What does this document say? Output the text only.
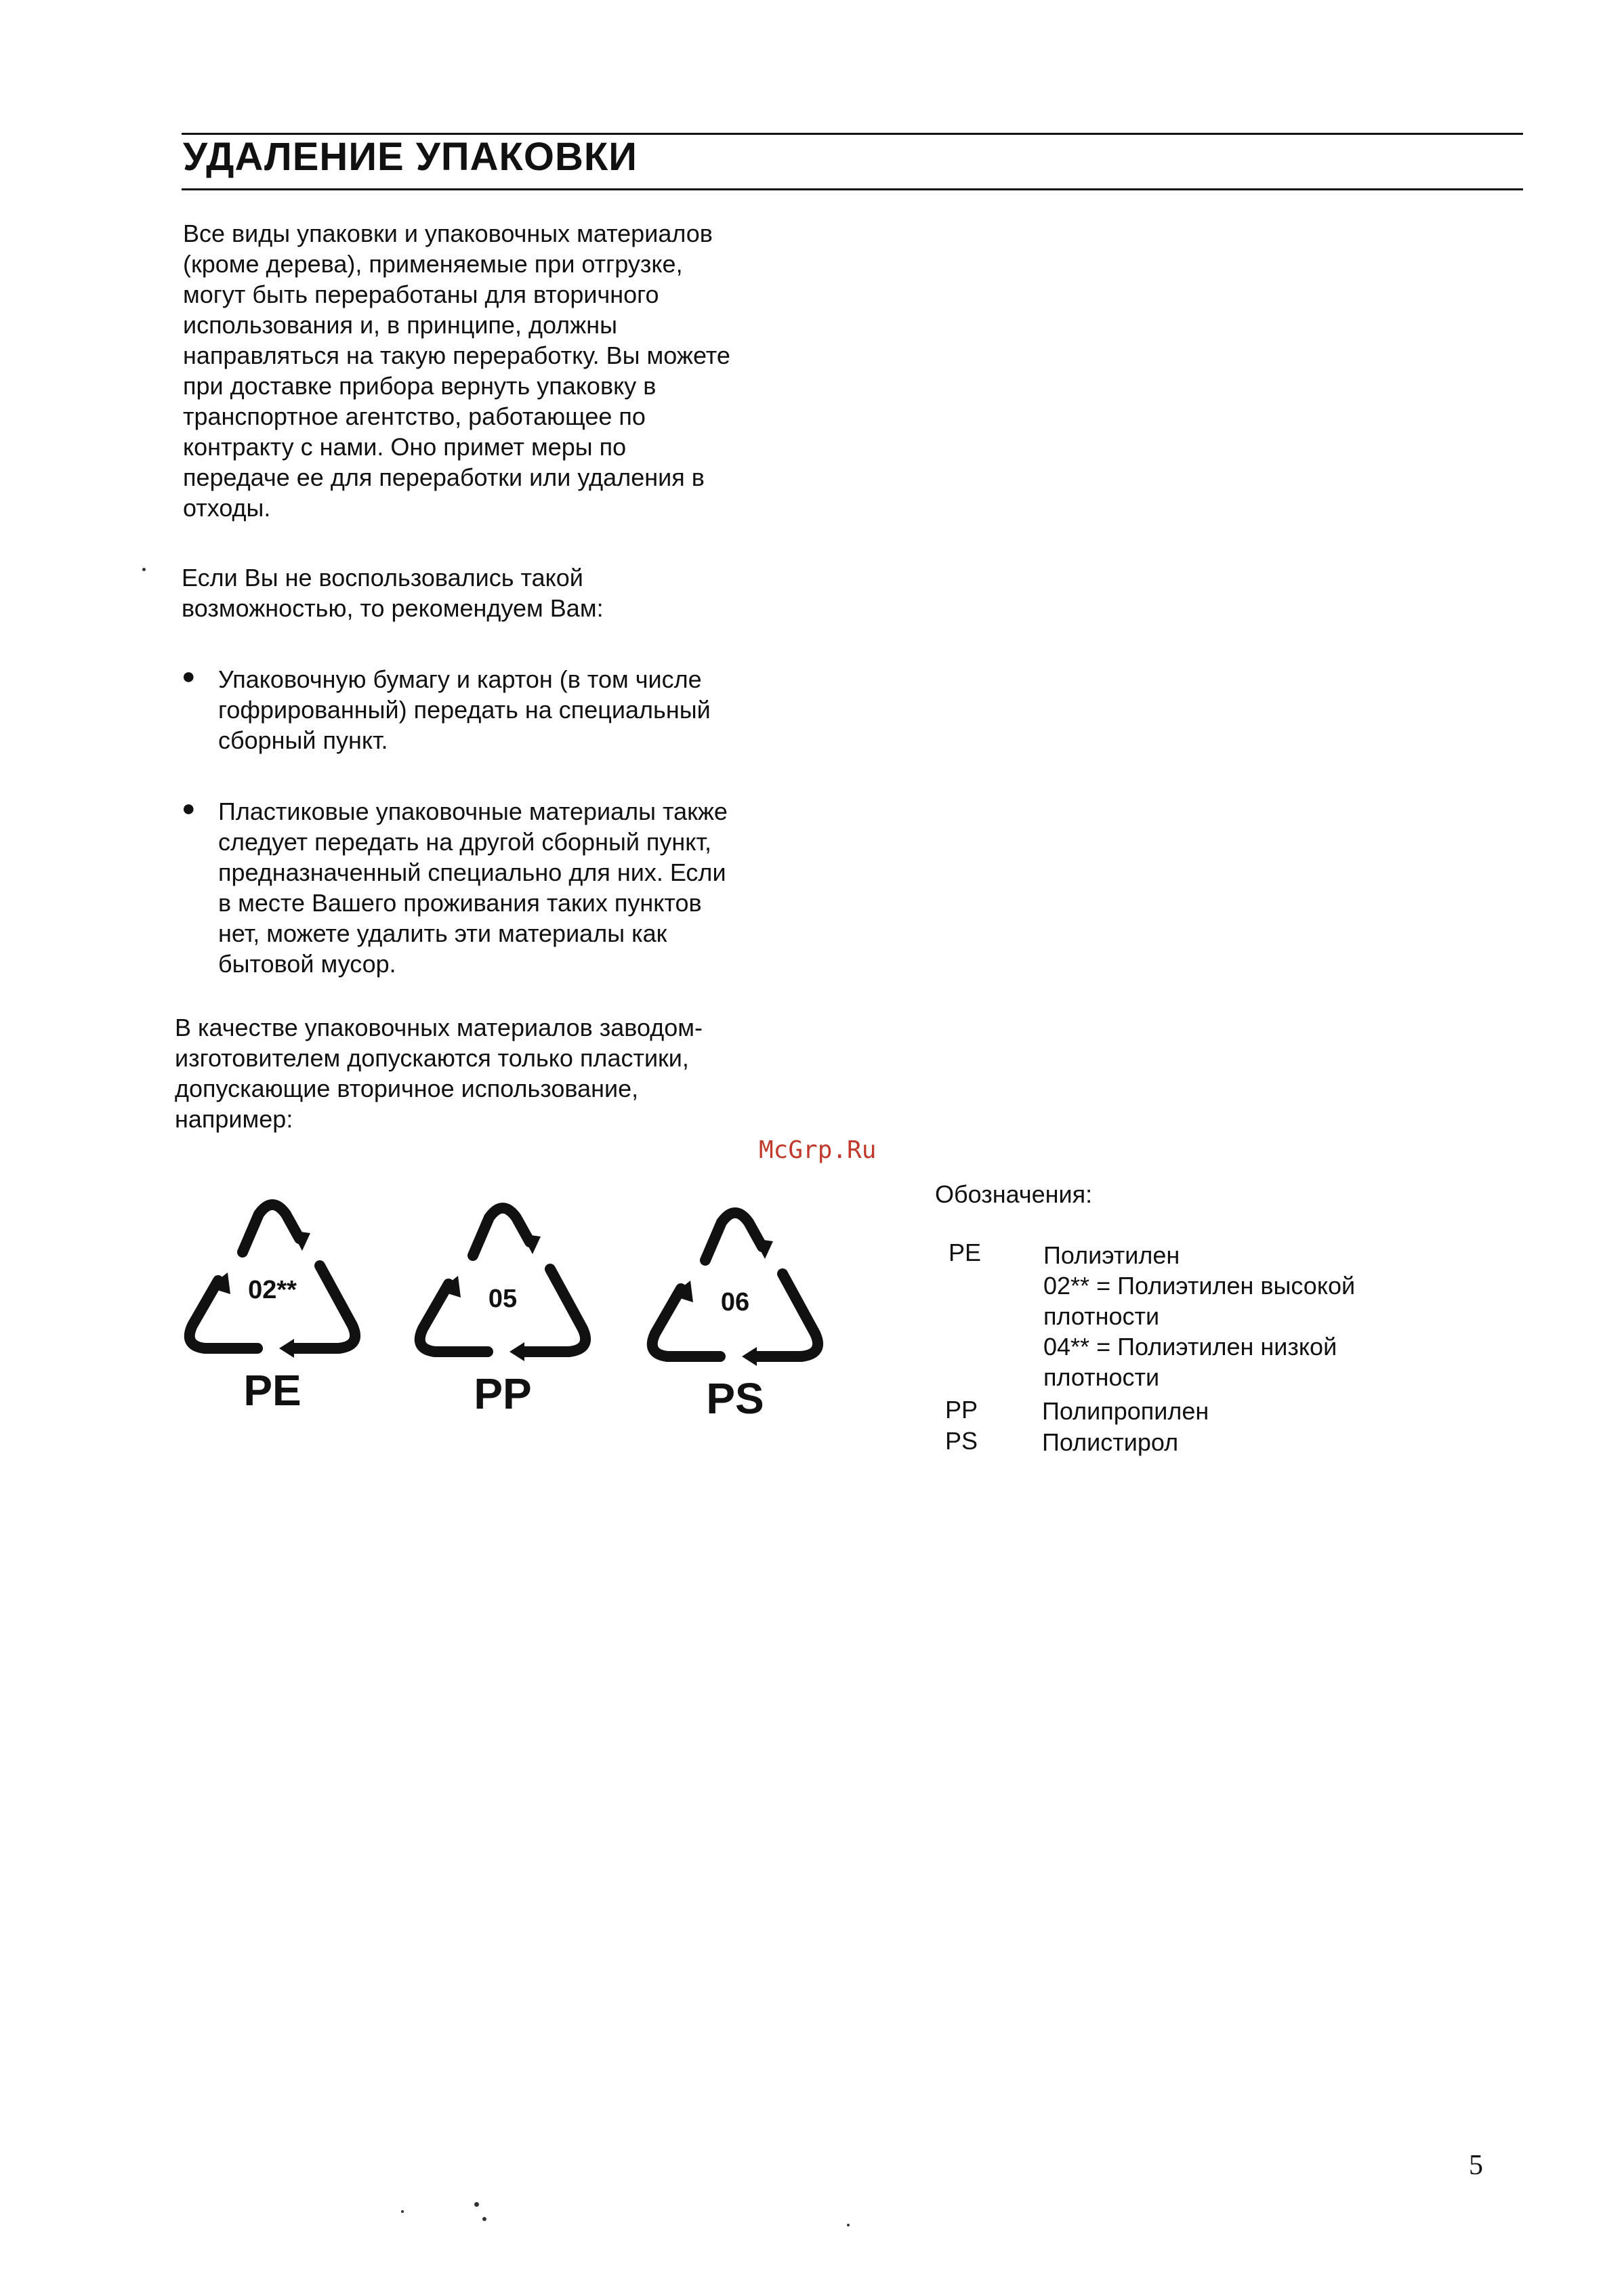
УДАЛЕНИЕ УПАКОВКИ

Все виды упаковки и упаковочных материалов
(кроме дерева), применяемые при отгрузке,
могут быть переработаны для вторичного
использования и, в принципе, должны
направляться на такую переработку. Вы можете
при доставке прибора вернуть упаковку в
транспортное агентство, работающее по
контракту с нами. Оно примет меры по
передаче ее для переработки или удаления в
отходы.

Если Вы не воспользовались такой
возможностью, то рекомендуем Вам:

● Упаковочную бумагу и картон (в том числе
гофрированный) передать на специальный
сборный пункт.

● Пластиковые упаковочные материалы также
следует передать на другой сборный пункт,
предназначенный специально для них. Если
в месте Вашего проживания таких пунктов
нет, можете удалить эти материалы как
бытовой мусор.

В качестве упаковочных материалов заводом-
изготовителем допускаются только пластики,
допускающие вторичное использование,
например:

McGrp.Ru
02**
PE
05
PP
06
PS
Обозначения:
PE	Полиэтилен
02** = Полиэтилен высокой
плотности
04** = Полиэтилен низкой
плотности
PP	Полипропилен
PS	Полистирол
5
